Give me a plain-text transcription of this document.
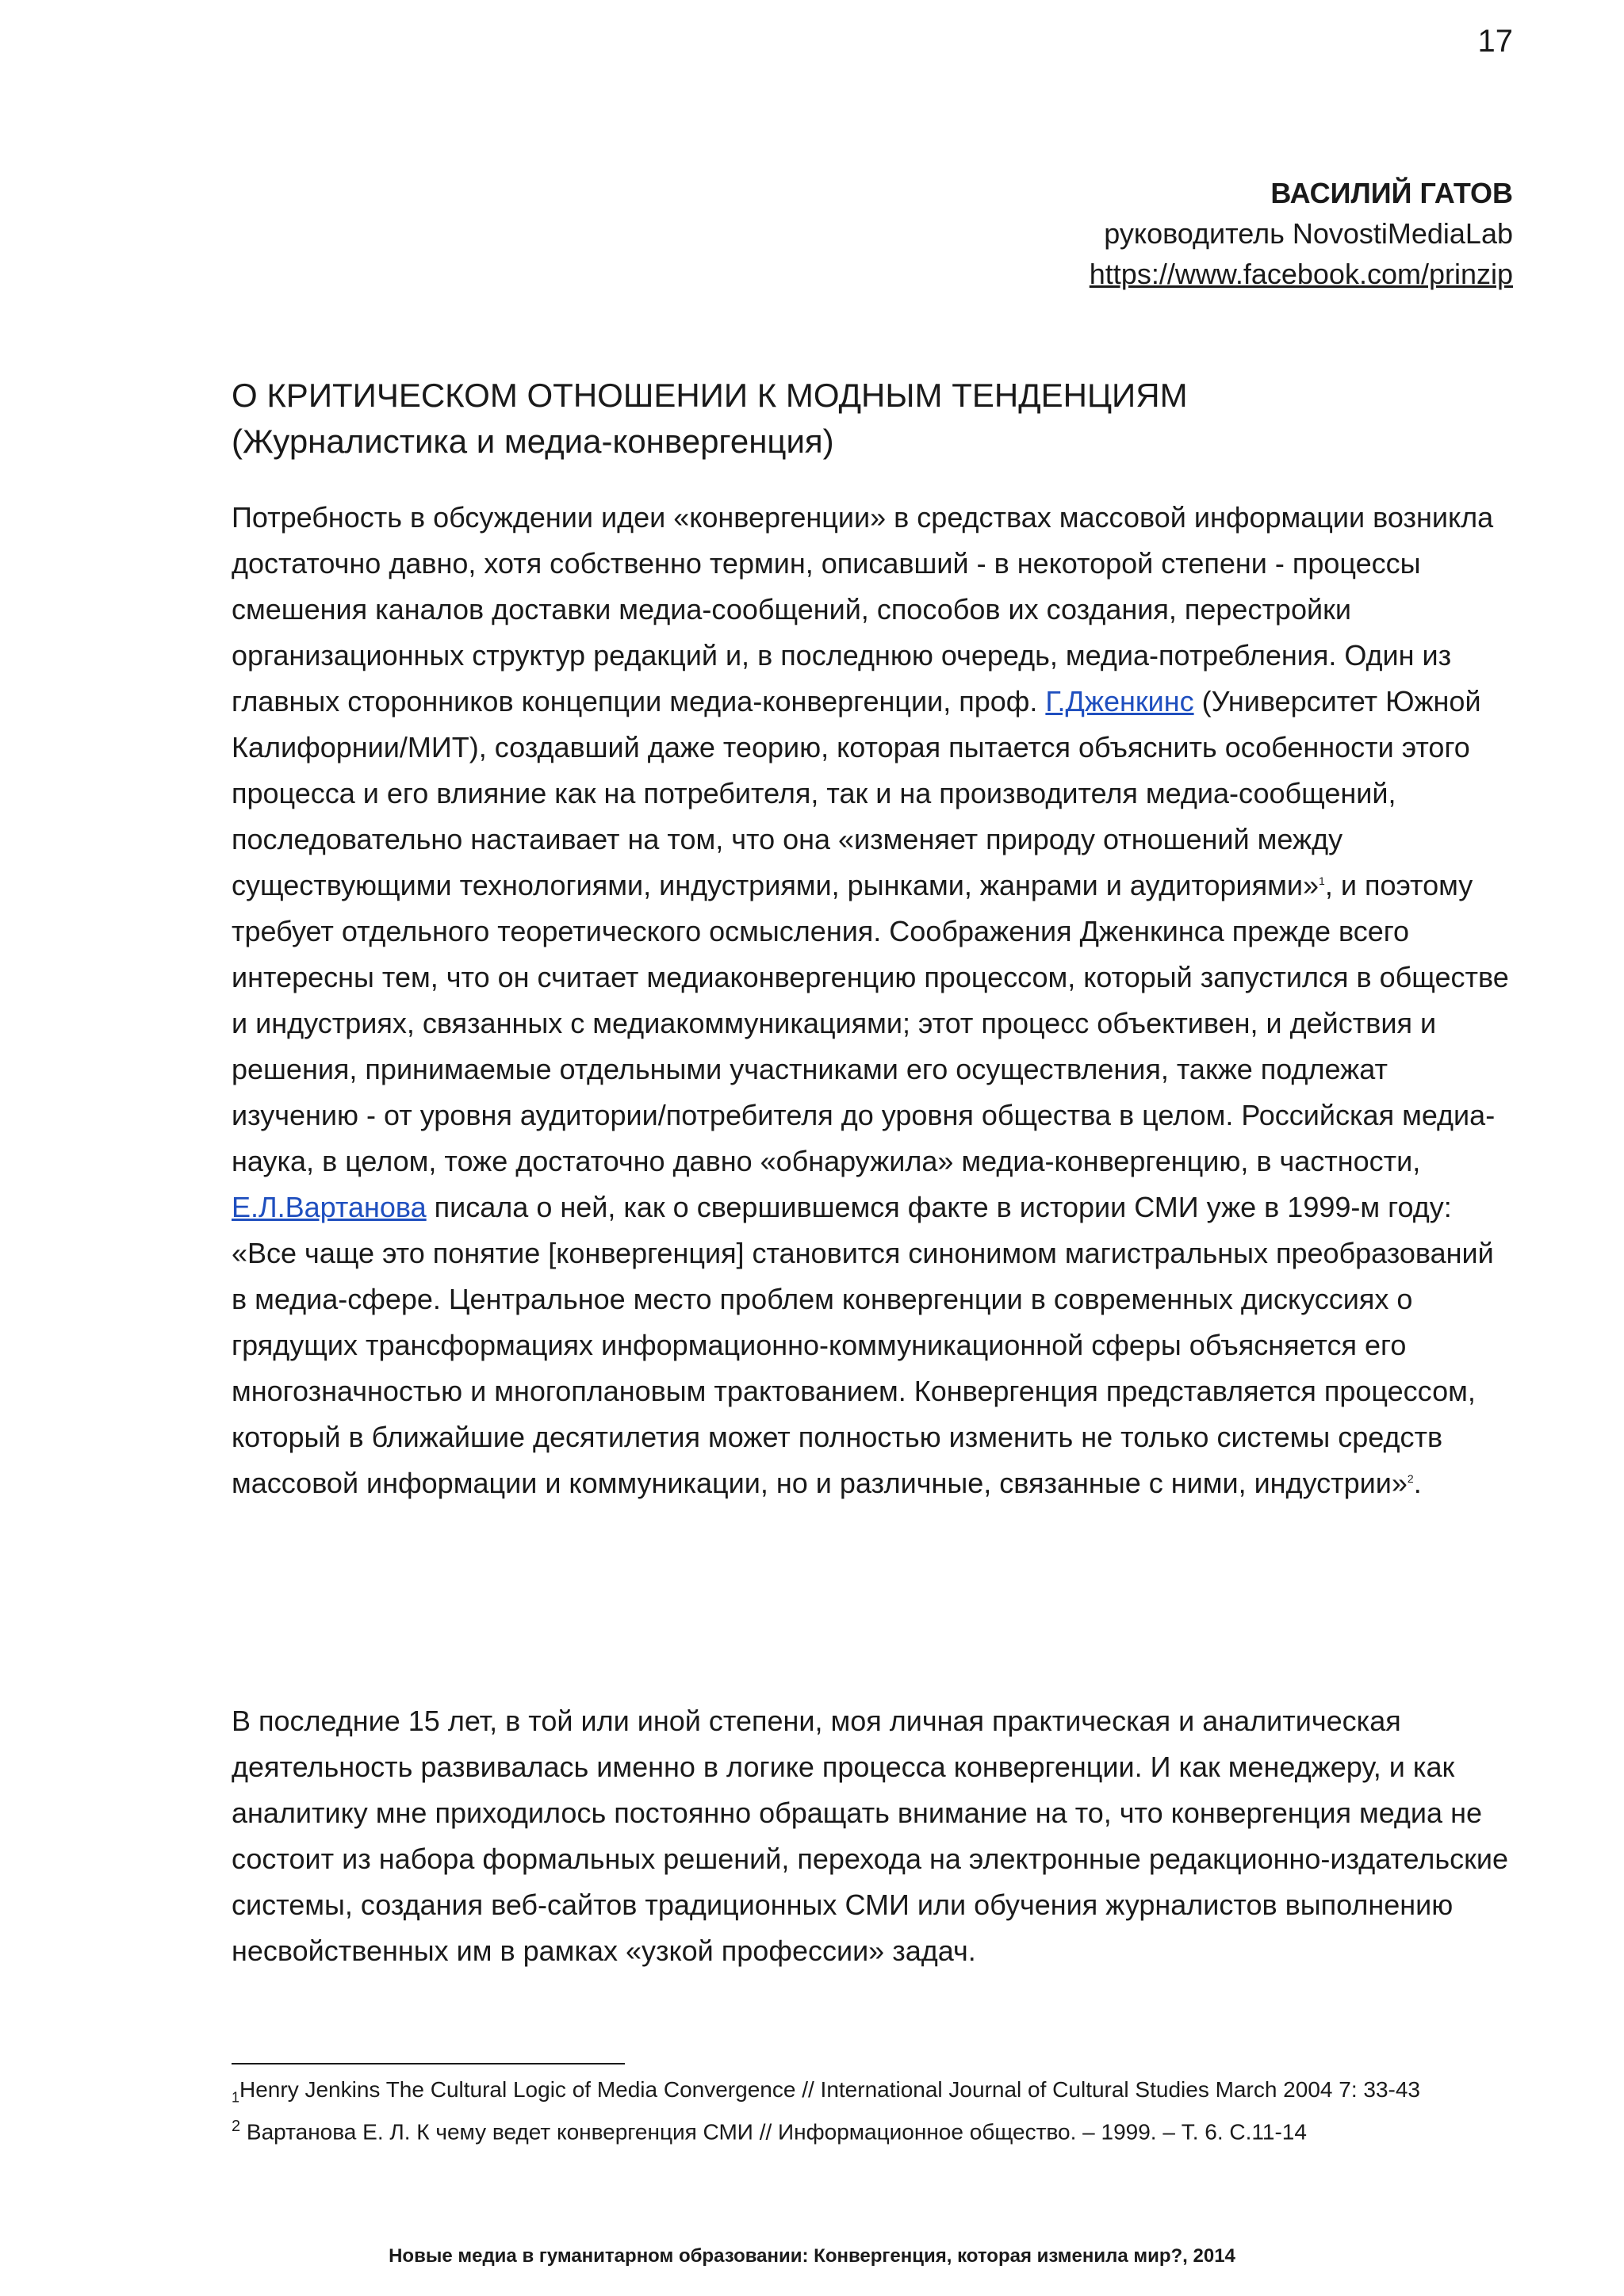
17
ВАСИЛИЙ ГАТОВ
руководитель NovostiMediaLab
https://www.facebook.com/prinzip
О КРИТИЧЕСКОМ ОТНОШЕНИИ К МОДНЫМ ТЕНДЕНЦИЯМ
(Журналистика и медиа-конвергенция)

Потребность в обсуждении идеи «конвергенции» в средствах массовой информации возникла достаточно давно, хотя собственно термин, описавший - в некоторой степени - процессы смешения каналов доставки медиа-сообщений, способов их создания, перестройки организационных структур редакций и, в последнюю очередь, медиа-потребления. Один из главных сторонников концепции медиа-конвергенции, проф. Г.Дженкинс (Университет Южной Калифорнии/МИТ), создавший даже теорию, которая пытается объяснить особенности этого процесса и его влияние как на потребителя, так и на производителя медиа-сообщений, последовательно настаивает на том, что она «изменяет природу отношений между существующими технологиями, индустриями, рынками, жанрами и аудиториями»$^1$, и поэтому требует отдельного теоретического осмысления. Соображения Дженкинса прежде всего интересны тем, что он считает медиаконвергенцию процессом, который запустился в обществе и индустриях, связанных с медиакоммуникациями; этот процесс объективен, и действия и решения, принимаемые отдельными участниками его осуществления, также подлежат изучению - от уровня аудитории/потребителя до уровня общества в целом. Российская медиа-наука, в целом, тоже достаточно давно «обнаружила» медиа-конвергенцию, в частности, Е.Л.Вартанова писала о ней, как о свершившемся факте в истории СМИ уже в 1999-м году: «Все чаще это понятие [конвергенция] становится синонимом магистральных преобразований в медиа-сфере. Центральное место проблем конвергенции в современных дискуссиях о грядущих трансформациях информационно-коммуникационной сферы объясняется его многозначностью и многоплановым трактованием. Конвергенция представляется процессом, который в ближайшие десятилетия может полностью изменить не только системы средств массовой информации и коммуникации, но и различные, связанные с ними, индустрии»$^2$.

В последние 15 лет, в той или иной степени, моя личная практическая и аналитическая деятельность развивалась именно в логике процесса конвергенции. И как менеджеру, и как аналитику мне приходилось постоянно обращать внимание на то, что конвергенция медиа не состоит из набора формальных решений, перехода на электронные редакционно-издательские системы, создания веб-сайтов традиционных СМИ или обучения журналистов выполнению несвойственных им в рамках «узкой профессии» задач.

$_1$Henry Jenkins The Cultural Logic of Media Convergence // International Journal of Cultural Studies March 2004 7: 33-43

$^2$ Вартанова Е. Л. К чему ведет конвергенция СМИ // Информационное общество. – 1999. – Т. 6. С.11-14

Новые медиа в гуманитарном образовании: Конвергенция, которая изменила мир?, 2014
